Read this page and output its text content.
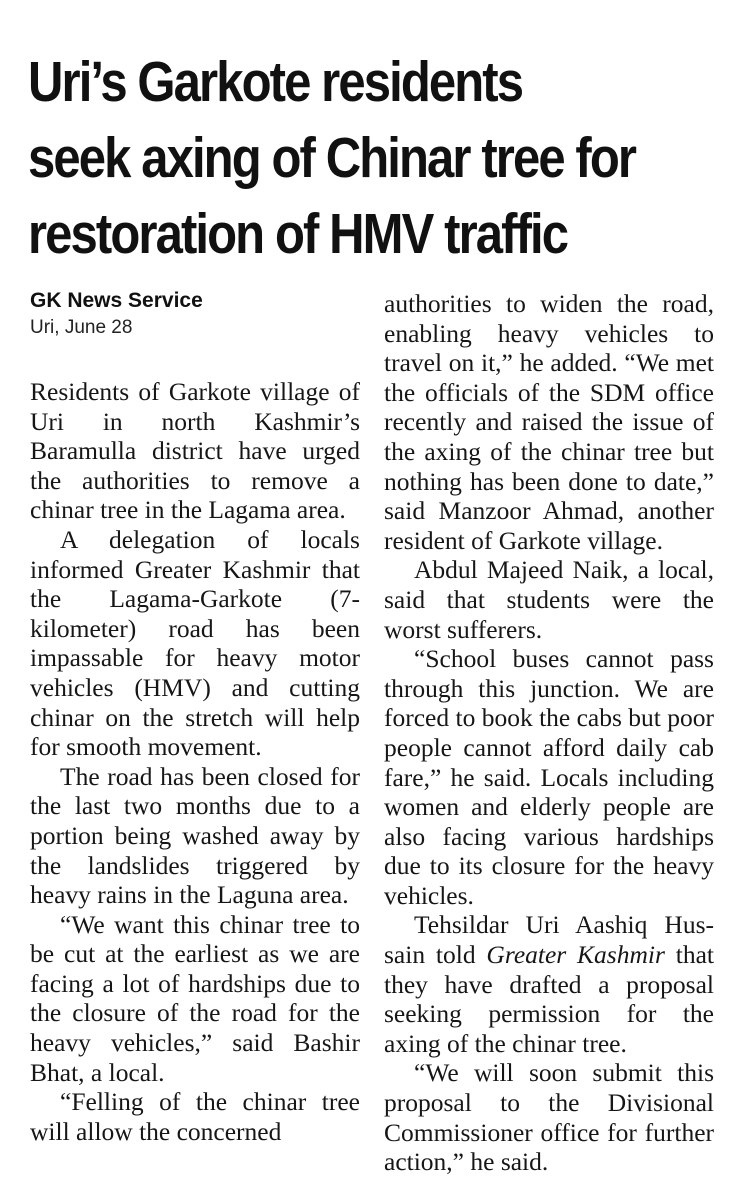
Uri’s Garkote residents
seek axing of Chinar tree for
restoration of HMV traffic
GK News Service
Uri, June 28

Residents of Garkote village of Uri in north Kashmir’s Baramulla district have urged the authorities to remove a chinar tree in the Lagama area.

A delegation of locals informed Greater Kashmir that the Lagama-Garkote (7-kilometer) road has been impassable for heavy motor vehicles (HMV) and cutting chinar on the stretch will help for smooth movement.

The road has been closed for the last two months due to a portion being washed away by the landslides triggered by heavy rains in the Laguna area.

“We want this chinar tree to be cut at the earliest as we are facing a lot of hardships due to the closure of the road for the heavy vehicles,” said Bashir Bhat, a local.

“Felling of the chinar tree will allow the concerned

authorities to widen the road, enabling heavy vehicles to travel on it,” he added. “We met the officials of the SDM office recently and raised the issue of the axing of the chinar tree but nothing has been done to date,” said Manzoor Ahmad, another resident of Garkote village.

Abdul Majeed Naik, a local, said that students were the worst sufferers.

“School buses cannot pass through this junction. We are forced to book the cabs but poor people cannot afford daily cab fare,” he said. Locals including women and elderly people are also facing various hardships due to its closure for the heavy vehicles.

Tehsildar Uri Aashiq Hussain told Greater Kashmir that they have drafted a proposal seeking permission for the axing of the chinar tree.

“We will soon submit this proposal to the Divisional Commissioner office for further action,” he said.
